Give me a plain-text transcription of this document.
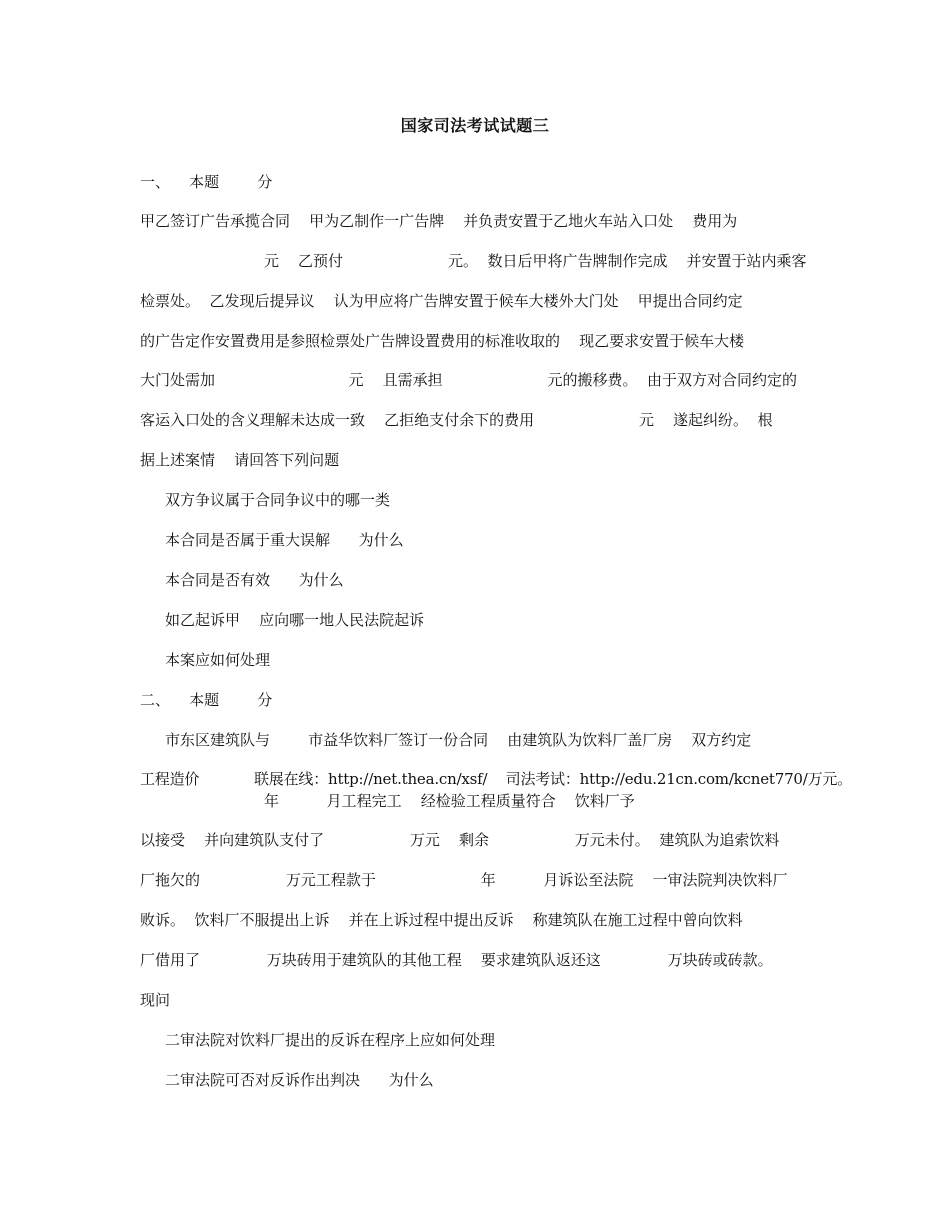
国家司法考试试题三
一、    本题        分
甲乙签订广告承揽合同    甲为乙制作一广告牌    并负责安置于乙地火车站入口处    费用为
元    乙预付                      元。  数日后甲将广告牌制作完成    并安置于站内乘客
检票处。  乙发现后提异议    认为甲应将广告牌安置于候车大楼外大门处    甲提出合同约定
的广告定作安置费用是参照检票处广告牌设置费用的标准收取的    现乙要求安置于候车大楼
大门处需加                            元    且需承担                      元的搬移费。  由于双方对合同约定的
客运入口处的含义理解未达成一致    乙拒绝支付余下的费用                      元    遂起纠纷。  根
据上述案情    请回答下列问题
双方争议属于合同争议中的哪一类
本合同是否属于重大误解      为什么
本合同是否有效      为什么
如乙起诉甲    应向哪一地人民法院起诉
本案应如何处理
二、    本题        分
市东区建筑队与        市益华饮料厂签订一份合同    由建筑队为饮料厂盖厂房    双方约定
工程造价            联展在线：http://net.thea.cn/xsf/    司法考试：http://edu.21cn.com/kcnet770/万元。
年          月工程完工    经检验工程质量符合    饮料厂予
以接受    并向建筑队支付了                  万元    剩余                  万元未付。  建筑队为追索饮料
厂拖欠的                  万元工程款于                      年          月诉讼至法院    一审法院判决饮料厂
败诉。  饮料厂不服提出上诉    并在上诉过程中提出反诉    称建筑队在施工过程中曾向饮料
厂借用了              万块砖用于建筑队的其他工程    要求建筑队返还这              万块砖或砖款。
现问
二审法院对饮料厂提出的反诉在程序上应如何处理
二审法院可否对反诉作出判决      为什么
